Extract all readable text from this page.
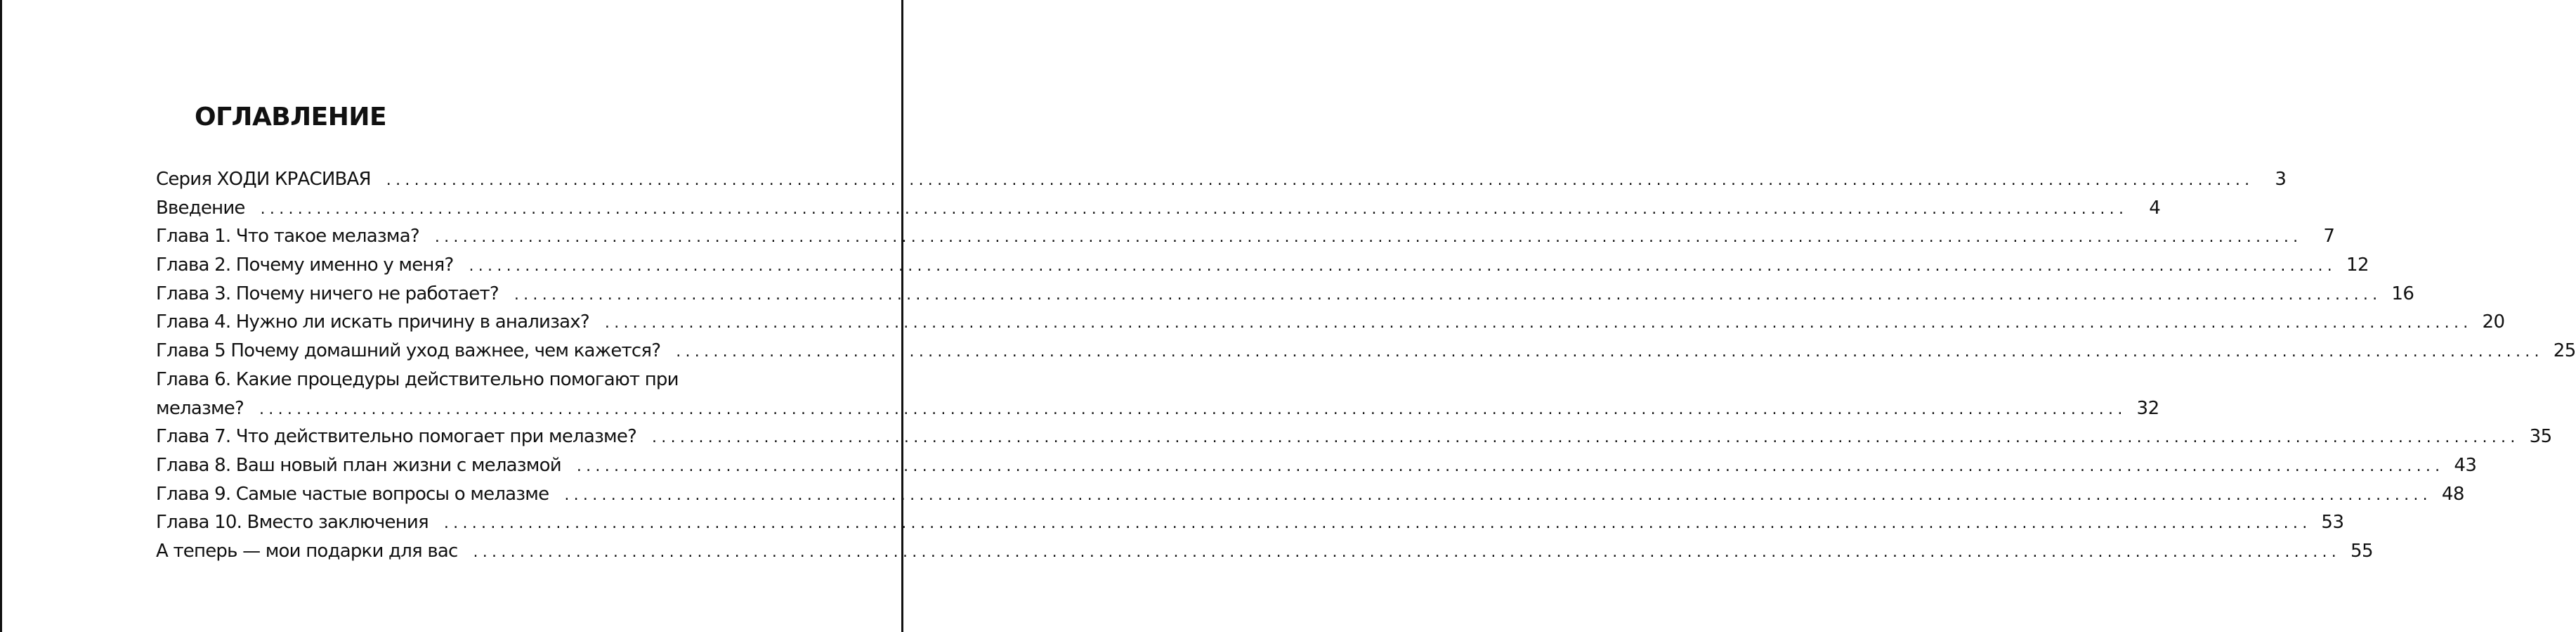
ОГЛАВЛЕНИЕ
Серия ХОДИ КРАСИВАЯ ........................................................................................................................................................................................................	3
Введение ........................................................................................................................................................................................................	4
Глава 1. Что такое мелазма? ........................................................................................................................................................................................................	7
Глава 2. Почему именно у меня? ........................................................................................................................................................................................................ 12
Глава 3. Почему ничего не работает? ........................................................................................................................................................................................................ 16
Глава 4. Нужно ли искать причину в анализах? ........................................................................................................................................................................................................ 20
Глава 5 Почему домашний уход важнее, чем кажется? ........................................................................................................................................................................................................ 25
Глава 6. Какие процедуры действительно помогают при
мелазме? ........................................................................................................................................................................................................ 32
Глава 7. Что действительно помогает при мелазме? ........................................................................................................................................................................................................ 35
Глава 8. Ваш новый план жизни с мелазмой ........................................................................................................................................................................................................ 43
Глава 9. Самые частые вопросы о мелазме ........................................................................................................................................................................................................ 48
Глава 10. Вместо заключения ........................................................................................................................................................................................................ 53
А теперь — мои подарки для вас ........................................................................................................................................................................................................ 55
